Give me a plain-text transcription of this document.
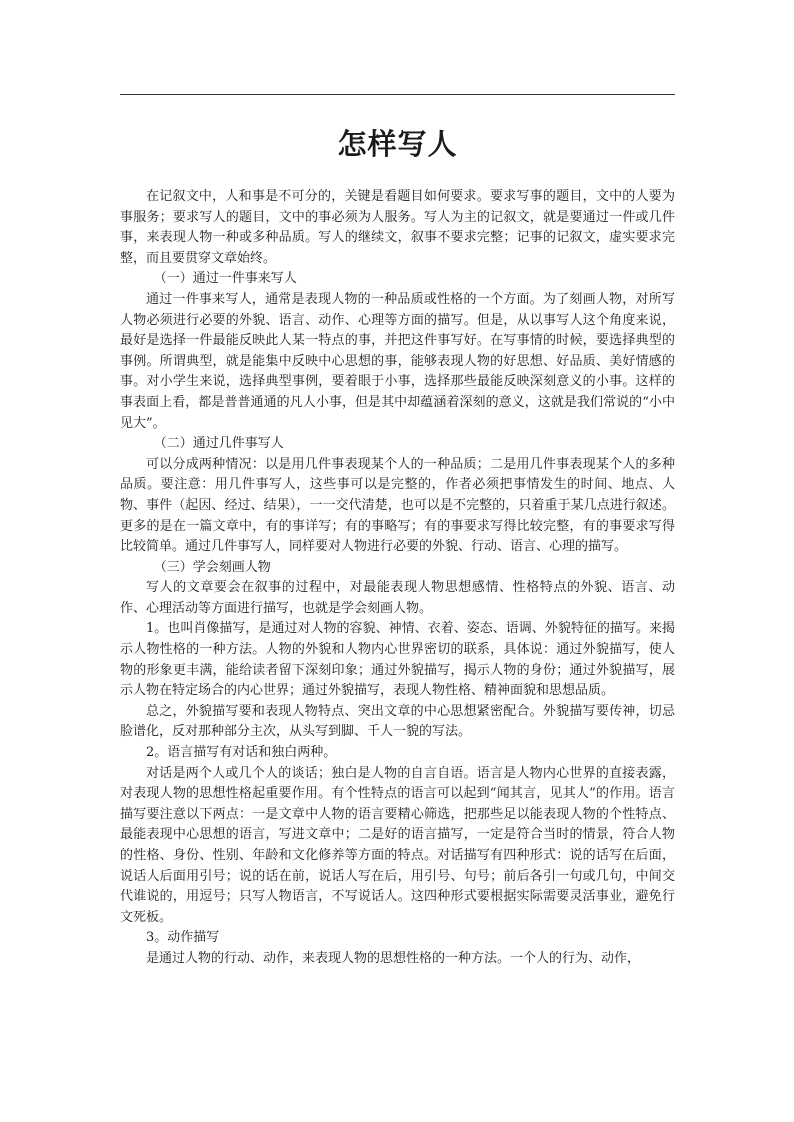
怎样写人

在记叙文中，人和事是不可分的，关键是看题目如何要求。要求写事的题目，文中的人要为事服务；要求写人的题目，文中的事必须为人服务。写人为主的记叙文，就是要通过一件或几件事，来表现人物一种或多种品质。写人的继续文，叙事不要求完整；记事的记叙文，虚实要求完整，而且要贯穿文章始终。

（一）通过一件事来写人

通过一件事来写人，通常是表现人物的一种品质或性格的一个方面。为了刻画人物，对所写人物必须进行必要的外貌、语言、动作、心理等方面的描写。但是，从以事写人这个角度来说，最好是选择一件最能反映此人某一特点的事，并把这件事写好。在写事情的时候，要选择典型的事例。所谓典型，就是能集中反映中心思想的事，能够表现人物的好思想、好品质、美好情感的事。对小学生来说，选择典型事例，要着眼于小事，选择那些最能反映深刻意义的小事。这样的事表面上看，都是普普通通的凡人小事，但是其中却蕴涵着深刻的意义，这就是我们常说的“小中见大”。

（二）通过几件事写人

可以分成两种情况：以是用几件事表现某个人的一种品质；二是用几件事表现某个人的多种品质。要注意：用几件事写人，这些事可以是完整的，作者必须把事情发生的时间、地点、人物、事件（起因、经过、结果），一一交代清楚，也可以是不完整的，只着重于某几点进行叙述。更多的是在一篇文章中，有的事详写；有的事略写；有的事要求写得比较完整，有的事要求写得比较简单。通过几件事写人，同样要对人物进行必要的外貌、行动、语言、心理的描写。

（三）学会刻画人物

写人的文章要会在叙事的过程中，对最能表现人物思想感情、性格特点的外貌、语言、动作、心理活动等方面进行描写，也就是学会刻画人物。

1。也叫肖像描写，是通过对人物的容貌、神情、衣着、姿态、语调、外貌特征的描写。来揭示人物性格的一种方法。人物的外貌和人物内心世界密切的联系，具体说：通过外貌描写，使人物的形象更丰满，能给读者留下深刻印象；通过外貌描写，揭示人物的身份；通过外貌描写，展示人物在特定场合的内心世界；通过外貌描写，表现人物性格、精神面貌和思想品质。

总之，外貌描写要和表现人物特点、突出文章的中心思想紧密配合。外貌描写要传神，切忌脸谱化，反对那种部分主次，从头写到脚、千人一貌的写法。

2。语言描写有对话和独白两种。

对话是两个人或几个人的谈话；独白是人物的自言自语。语言是人物内心世界的直接表露，对表现人物的思想性格起重要作用。有个性特点的语言可以起到“闻其言，见其人”的作用。语言描写要注意以下两点：一是文章中人物的语言要精心筛选，把那些足以能表现人物的个性特点、最能表现中心思想的语言，写进文章中；二是好的语言描写，一定是符合当时的情景，符合人物的性格、身份、性别、年龄和文化修养等方面的特点。对话描写有四种形式：说的话写在后面，说话人后面用引号；说的话在前，说话人写在后，用引号、句号；前后各引一句或几句，中间交代谁说的，用逗号；只写人物语言，不写说话人。这四种形式要根据实际需要灵活事业，避免行文死板。

3。动作描写

是通过人物的行动、动作，来表现人物的思想性格的一种方法。一个人的行为、动作，
